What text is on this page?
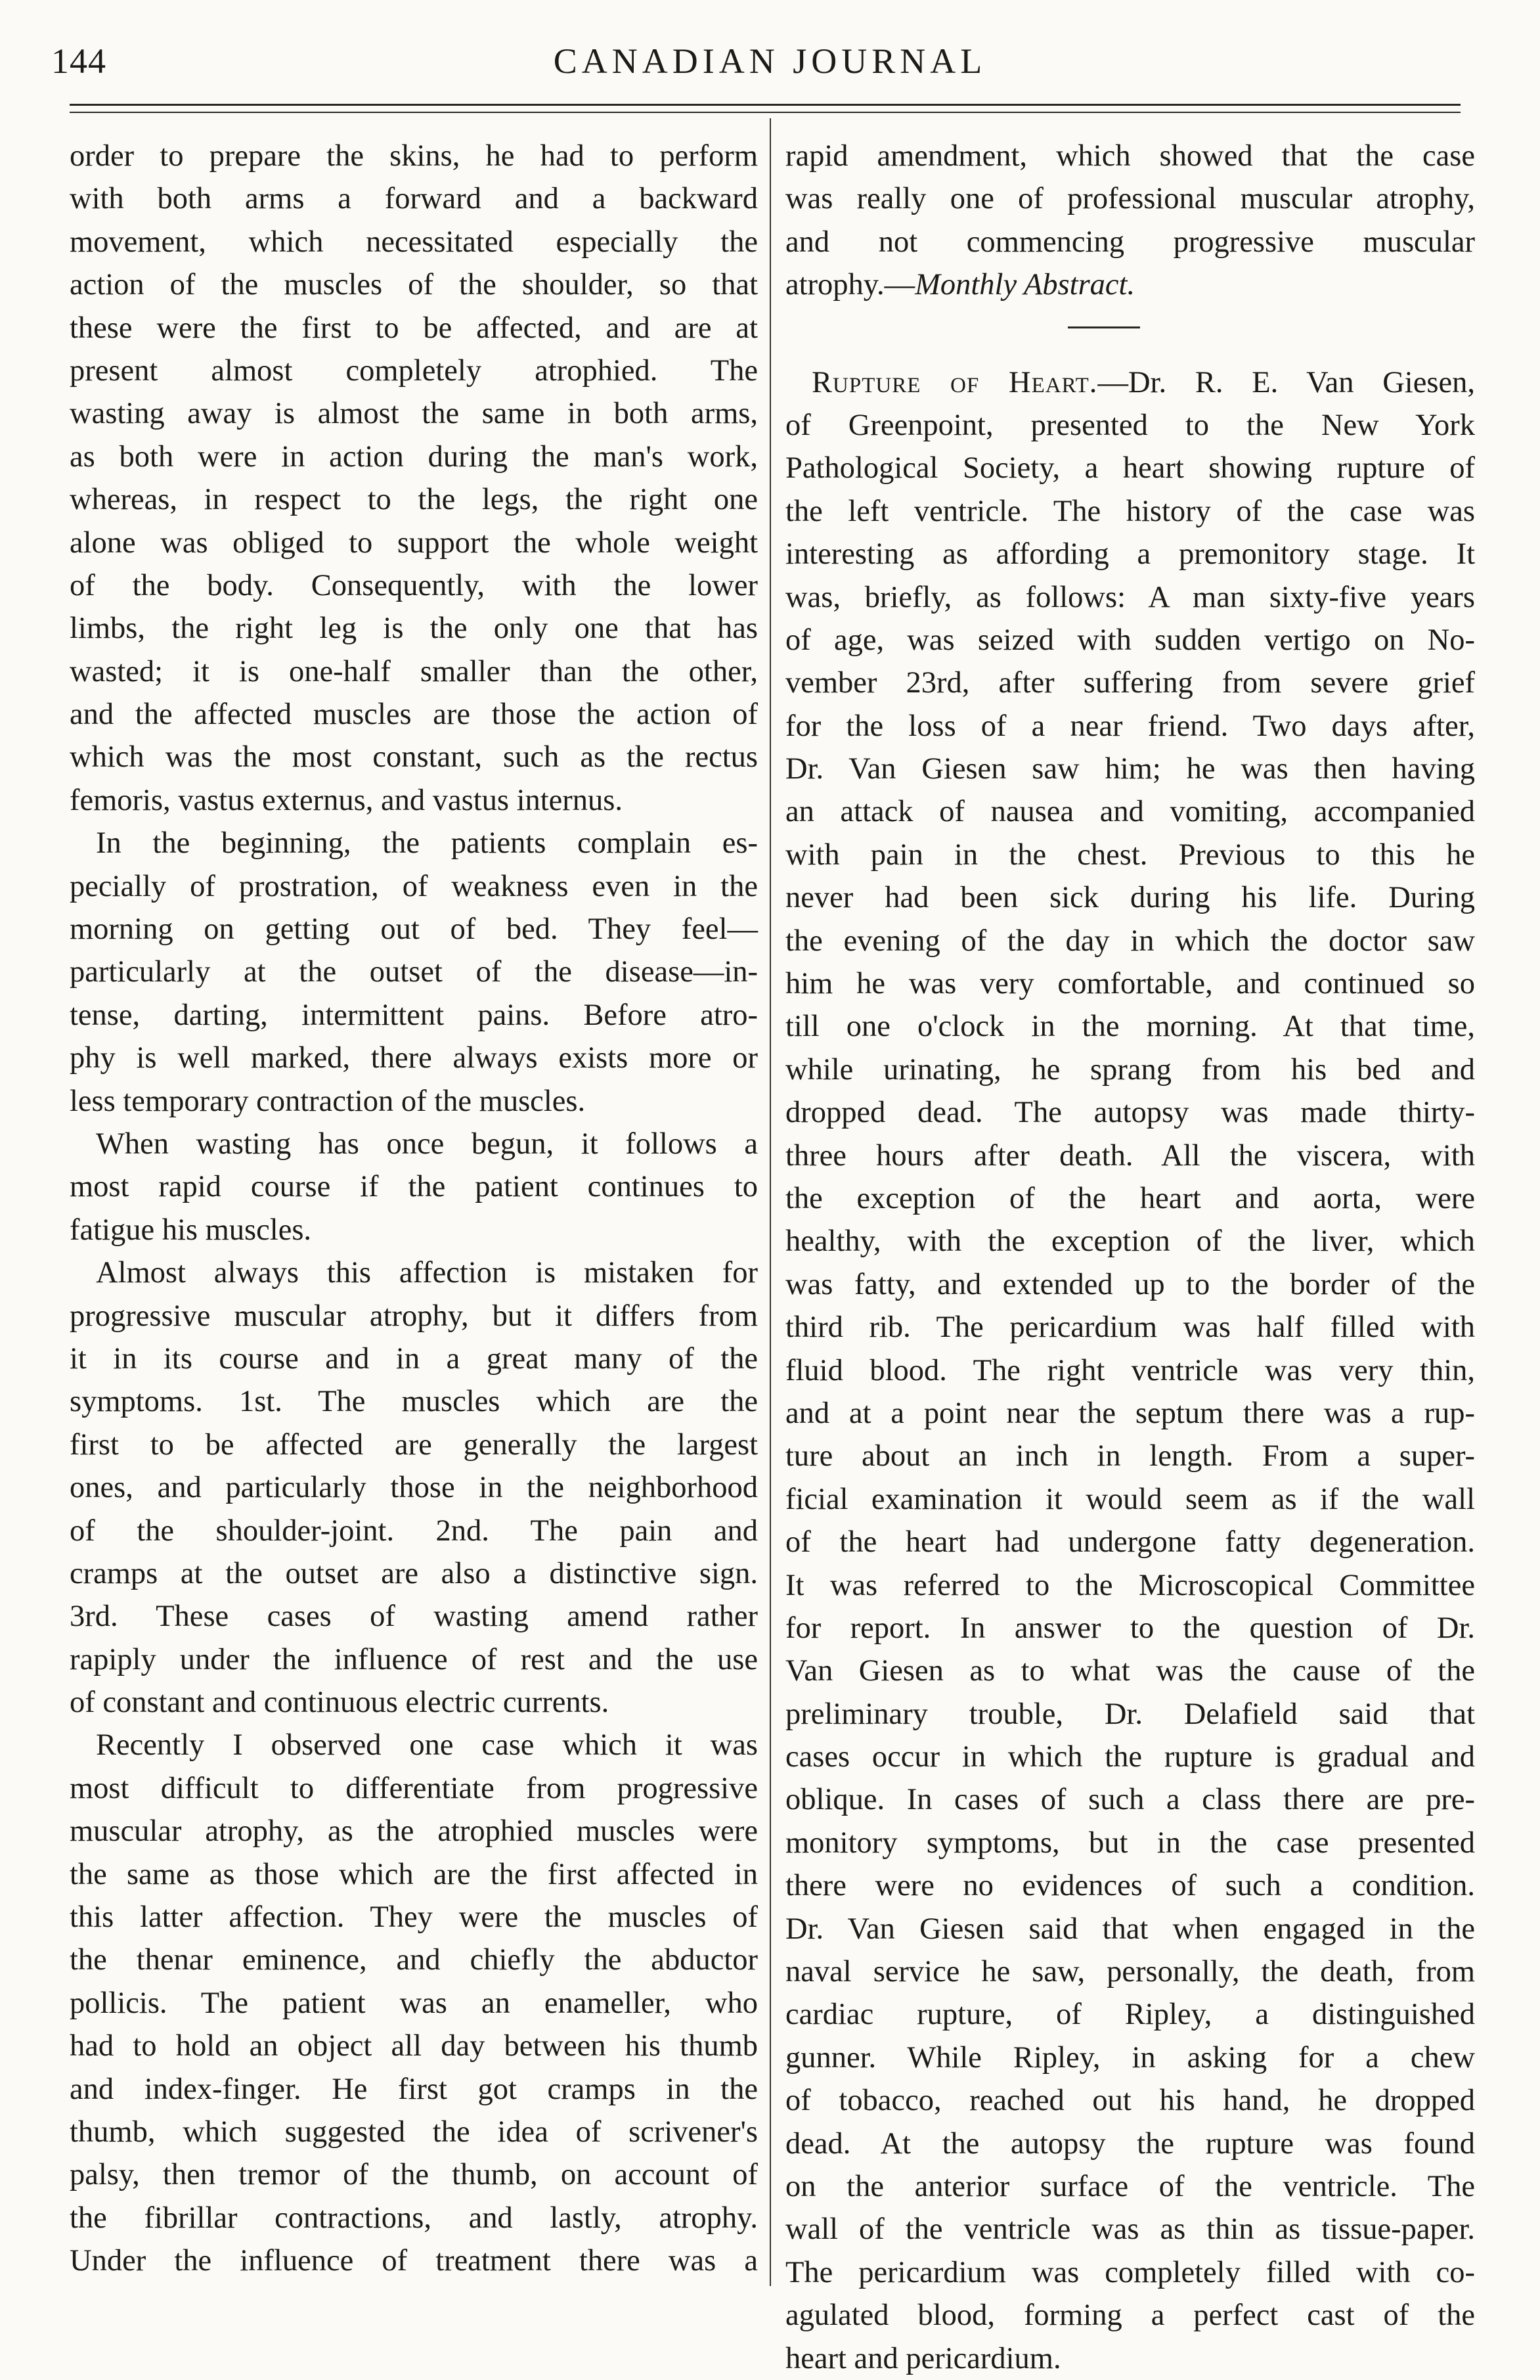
144	CANADIAN JOURNAL
order to prepare the skins, he had to perform
with both arms a forward and a backward
movement, which necessitated especially the
action of the muscles of the shoulder, so that
these were the first to be affected, and are at
present almost completely atrophied. The
wasting away is almost the same in both arms,
as both were in action during the man's work,
whereas, in respect to the legs, the right one
alone was obliged to support the whole weight
of the body. Consequently, with the lower
limbs, the right leg is the only one that has
wasted; it is one-half smaller than the other,
and the affected muscles are those the action of
which was the most constant, such as the rectus
femoris, vastus externus, and vastus internus.
In the beginning, the patients complain es-
pecially of prostration, of weakness even in the
morning on getting out of bed. They feel—
particularly at the outset of the disease—in-
tense, darting, intermittent pains. Before atro-
phy is well marked, there always exists more or
less temporary contraction of the muscles.
When wasting has once begun, it follows a
most rapid course if the patient continues to
fatigue his muscles.
Almost always this affection is mistaken for
progressive muscular atrophy, but it differs from
it in its course and in a great many of the
symptoms. 1st. The muscles which are the
first to be affected are generally the largest
ones, and particularly those in the neighborhood
of the shoulder-joint. 2nd. The pain and
cramps at the outset are also a distinctive sign.
3rd. These cases of wasting amend rather
rapiply under the influence of rest and the use
of constant and continuous electric currents.
Recently I observed one case which it was
most difficult to differentiate from progressive
muscular atrophy, as the atrophied muscles were
the same as those which are the first affected in
this latter affection. They were the muscles of
the thenar eminence, and chiefly the abductor
pollicis. The patient was an enameller, who
had to hold an object all day between his thumb
and index-finger. He first got cramps in the
thumb, which suggested the idea of scrivener's
palsy, then tremor of the thumb, on account of
the fibrillar contractions, and lastly, atrophy.
Under the influence of treatment there was a
rapid amendment, which showed that the case
was really one of professional muscular atrophy,
and not commencing progressive muscular
atrophy.—Monthly Abstract.
Rupture of Heart.—Dr. R. E. Van Giesen,
of Greenpoint, presented to the New York
Pathological Society, a heart showing rupture of
the left ventricle. The history of the case was
interesting as affording a premonitory stage. It
was, briefly, as follows: A man sixty-five years
of age, was seized with sudden vertigo on No-
vember 23rd, after suffering from severe grief
for the loss of a near friend. Two days after,
Dr. Van Giesen saw him; he was then having
an attack of nausea and vomiting, accompanied
with pain in the chest. Previous to this he
never had been sick during his life. During
the evening of the day in which the doctor saw
him he was very comfortable, and continued so
till one o'clock in the morning. At that time,
while urinating, he sprang from his bed and
dropped dead. The autopsy was made thirty-
three hours after death. All the viscera, with
the exception of the heart and aorta, were
healthy, with the exception of the liver, which
was fatty, and extended up to the border of the
third rib. The pericardium was half filled with
fluid blood. The right ventricle was very thin,
and at a point near the septum there was a rup-
ture about an inch in length. From a super-
ficial examination it would seem as if the wall
of the heart had undergone fatty degeneration.
It was referred to the Microscopical Committee
for report. In answer to the question of Dr.
Van Giesen as to what was the cause of the
preliminary trouble, Dr. Delafield said that
cases occur in which the rupture is gradual and
oblique. In cases of such a class there are pre-
monitory symptoms, but in the case presented
there were no evidences of such a condition.
Dr. Van Giesen said that when engaged in the
naval service he saw, personally, the death, from
cardiac rupture, of Ripley, a distinguished
gunner. While Ripley, in asking for a chew
of tobacco, reached out his hand, he dropped
dead. At the autopsy the rupture was found
on the anterior surface of the ventricle. The
wall of the ventricle was as thin as tissue-paper.
The pericardium was completely filled with co-
agulated blood, forming a perfect cast of the
heart and pericardium.
